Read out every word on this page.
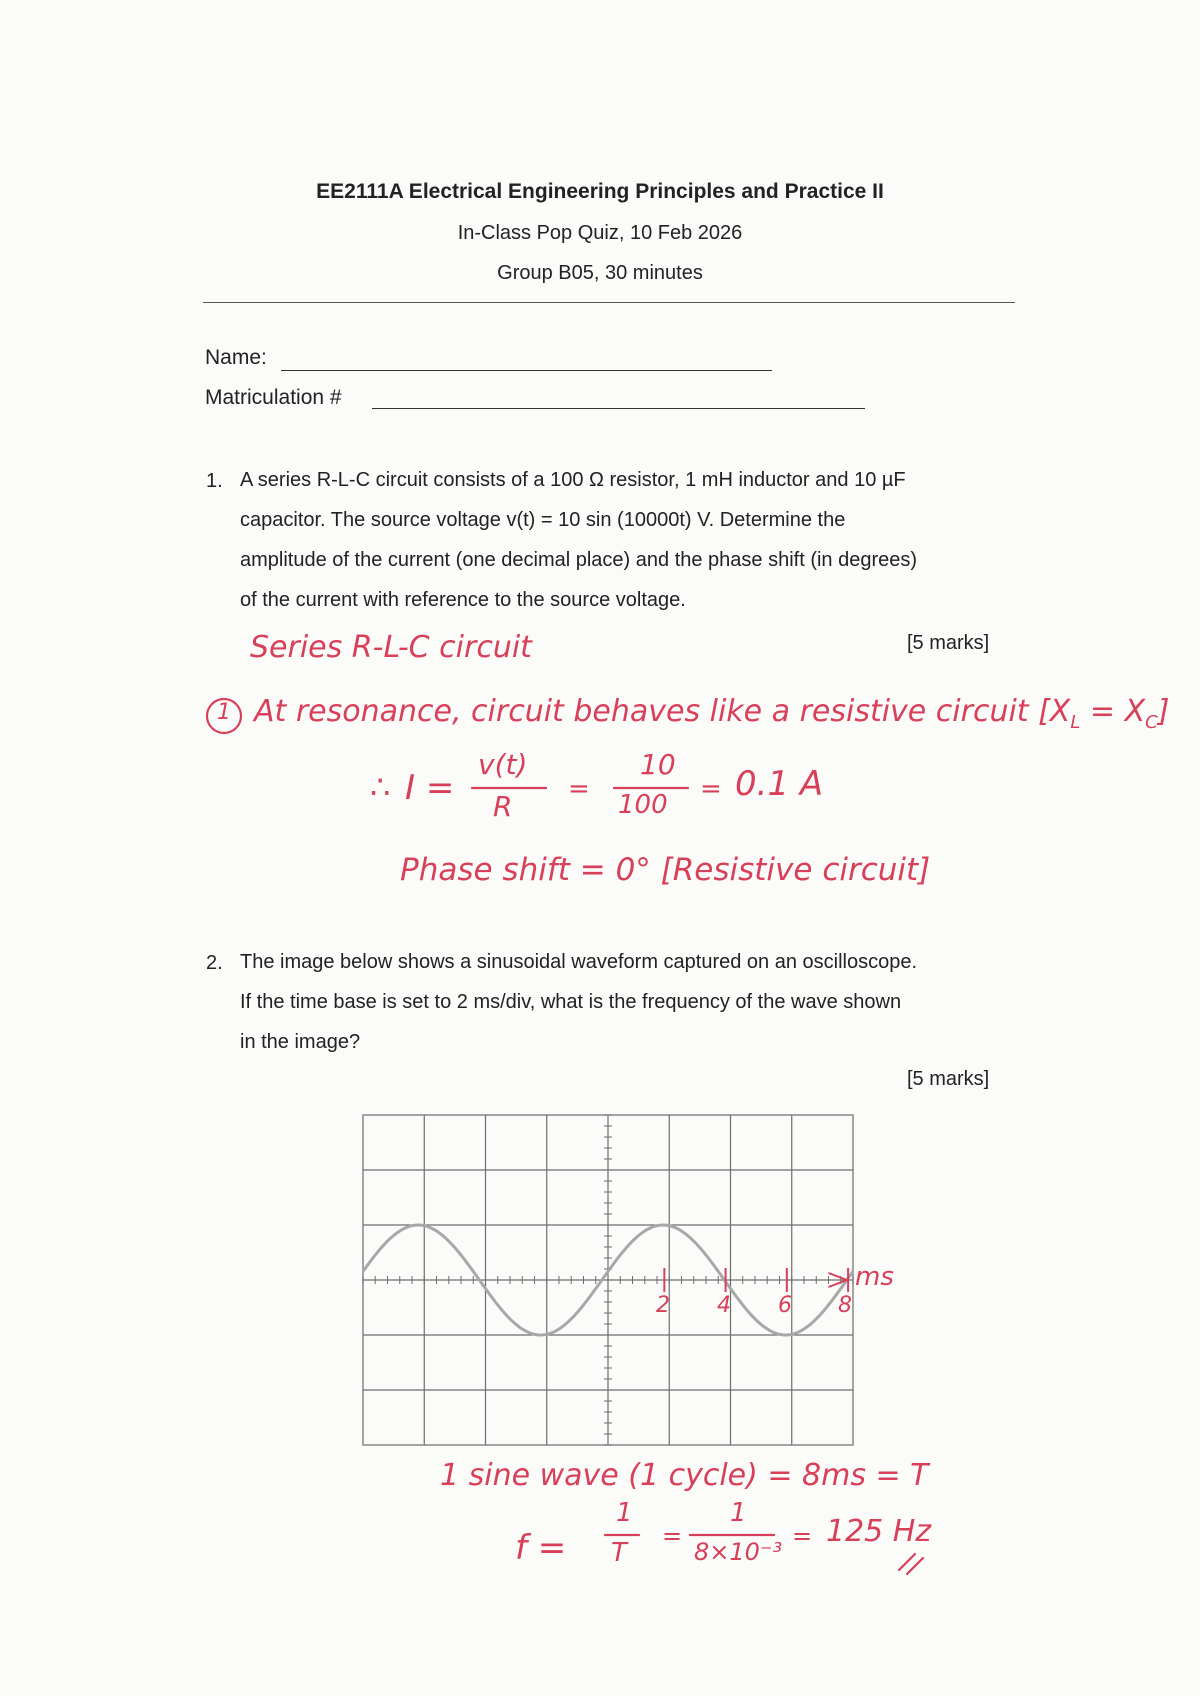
EE2111A Electrical Engineering Principles and Practice II
In-Class Pop Quiz, 10 Feb 2026
Group B05, 30 minutes
Name:
Matriculation #
1. A series R-L-C circuit consists of a 100 Ω resistor, 1 mH inductor and 10 µF
capacitor. The source voltage v(t) = 10 sin (10000t) V. Determine the
amplitude of the current (one decimal place) and the phase shift (in degrees)
of the current with reference to the source voltage.
[5 marks]
Series R-L-C circuit
1 At resonance, circuit behaves like a resistive circuit $[X_L = X_C]$
∴ I =
v(t)
R
=
10
100
= 0.1 A
Phase shift = 0° [Resistive circuit]
2. The image below shows a sinusoidal waveform captured on an oscilloscope.
If the time base is set to 2 ms/div, what is the frequency of the wave shown
in the image?
[5 marks]
ms
2 4 6 8
1 sine wave (1 cycle) = 8ms = T
f =
1
T
=
1
8×10⁻³
= 125 Hz
